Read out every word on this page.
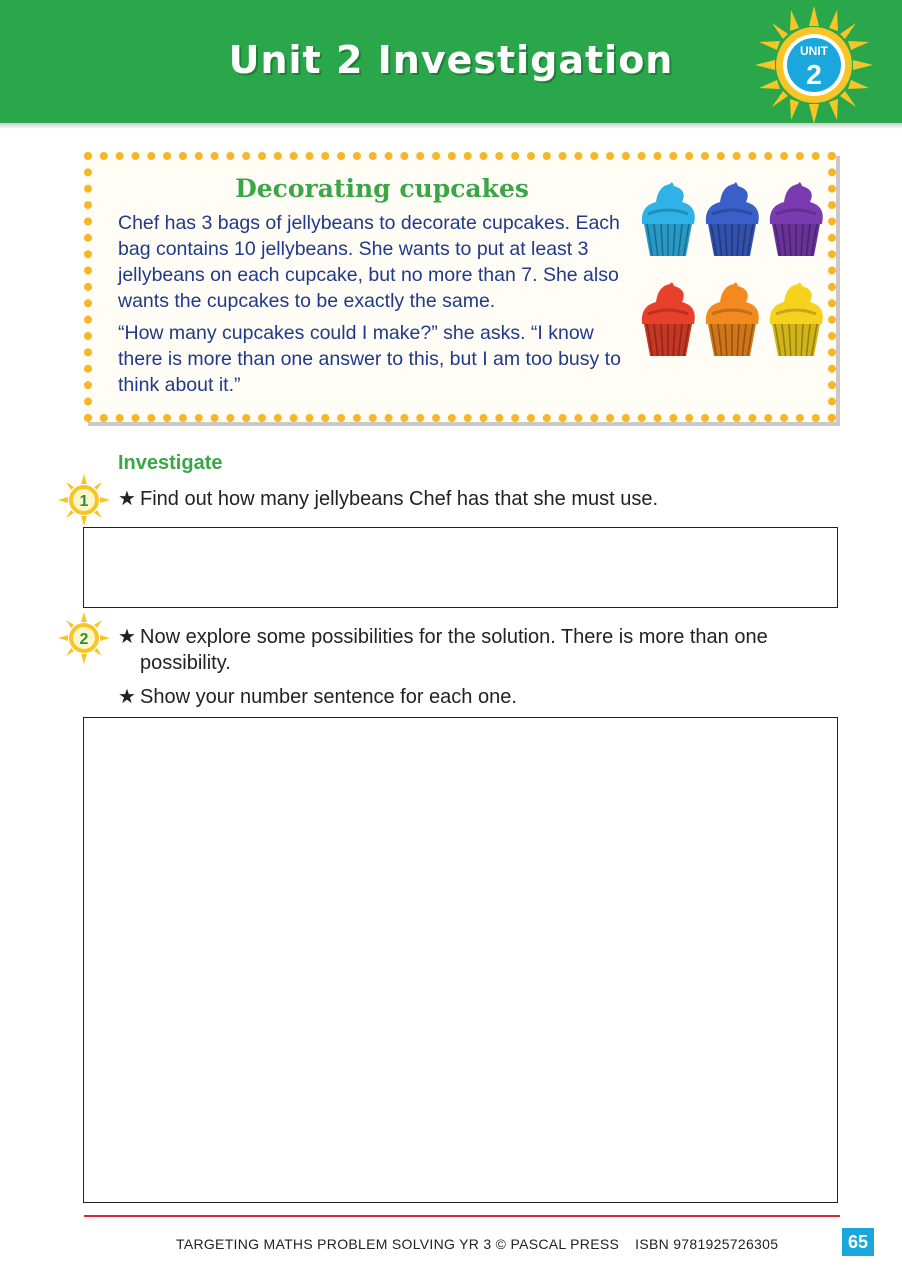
Unit 2 Investigation	UNIT
2
Decorating cupcakes

Chef has 3 bags of jellybeans to decorate cupcakes. Each bag contains 10 jellybeans. She wants to put at least 3 jellybeans on each cupcake, but no more than 7. She also wants the cupcakes to be exactly the same.

“How many cupcakes could I make?” she asks. “I know there is more than one answer to this, but I am too busy to think about it.”

Investigate
1 ★ Find out how many jellybeans Chef has that she must use.
2 ★ Now explore some possibilities for the solution. There is more than one
possibility.
★ Show your number sentence for each one.
TARGETING MATHS PROBLEM SOLVING YR 3 © PASCAL PRESS ISBN 9781925726305	65
